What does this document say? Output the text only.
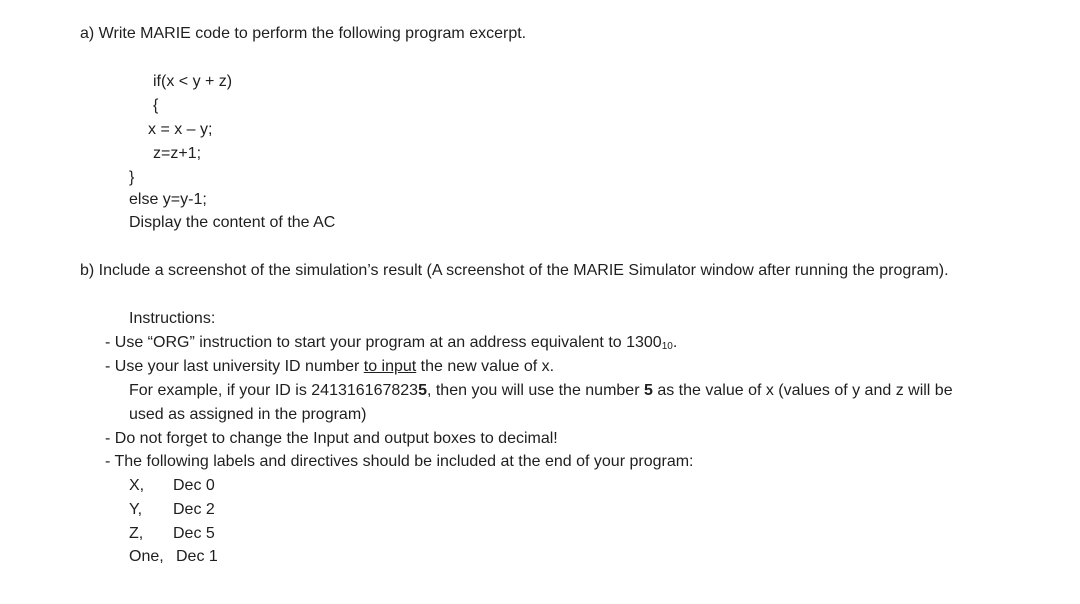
a) Write MARIE code to perform the following program excerpt.
if(x < y + z)
{
x = x – y;
z=z+1;
}
else y=y-1;
Display the content of the AC
b) Include a screenshot of the simulation’s result (A screenshot of the MARIE Simulator window after running the program).
Instructions:
- Use “ORG” instruction to start your program at an address equivalent to 130010.
- Use your last university ID number to input the new value of x.
For example, if your ID is 2413161678235, then you will use the number 5 as the value of x (values of y and z will be
used as assigned in the program)
- Do not forget to change the Input and output boxes to decimal!
- The following labels and directives should be included at the end of your program:
X, Dec 0
Y, Dec 2
Z, Dec 5
One, Dec 1
